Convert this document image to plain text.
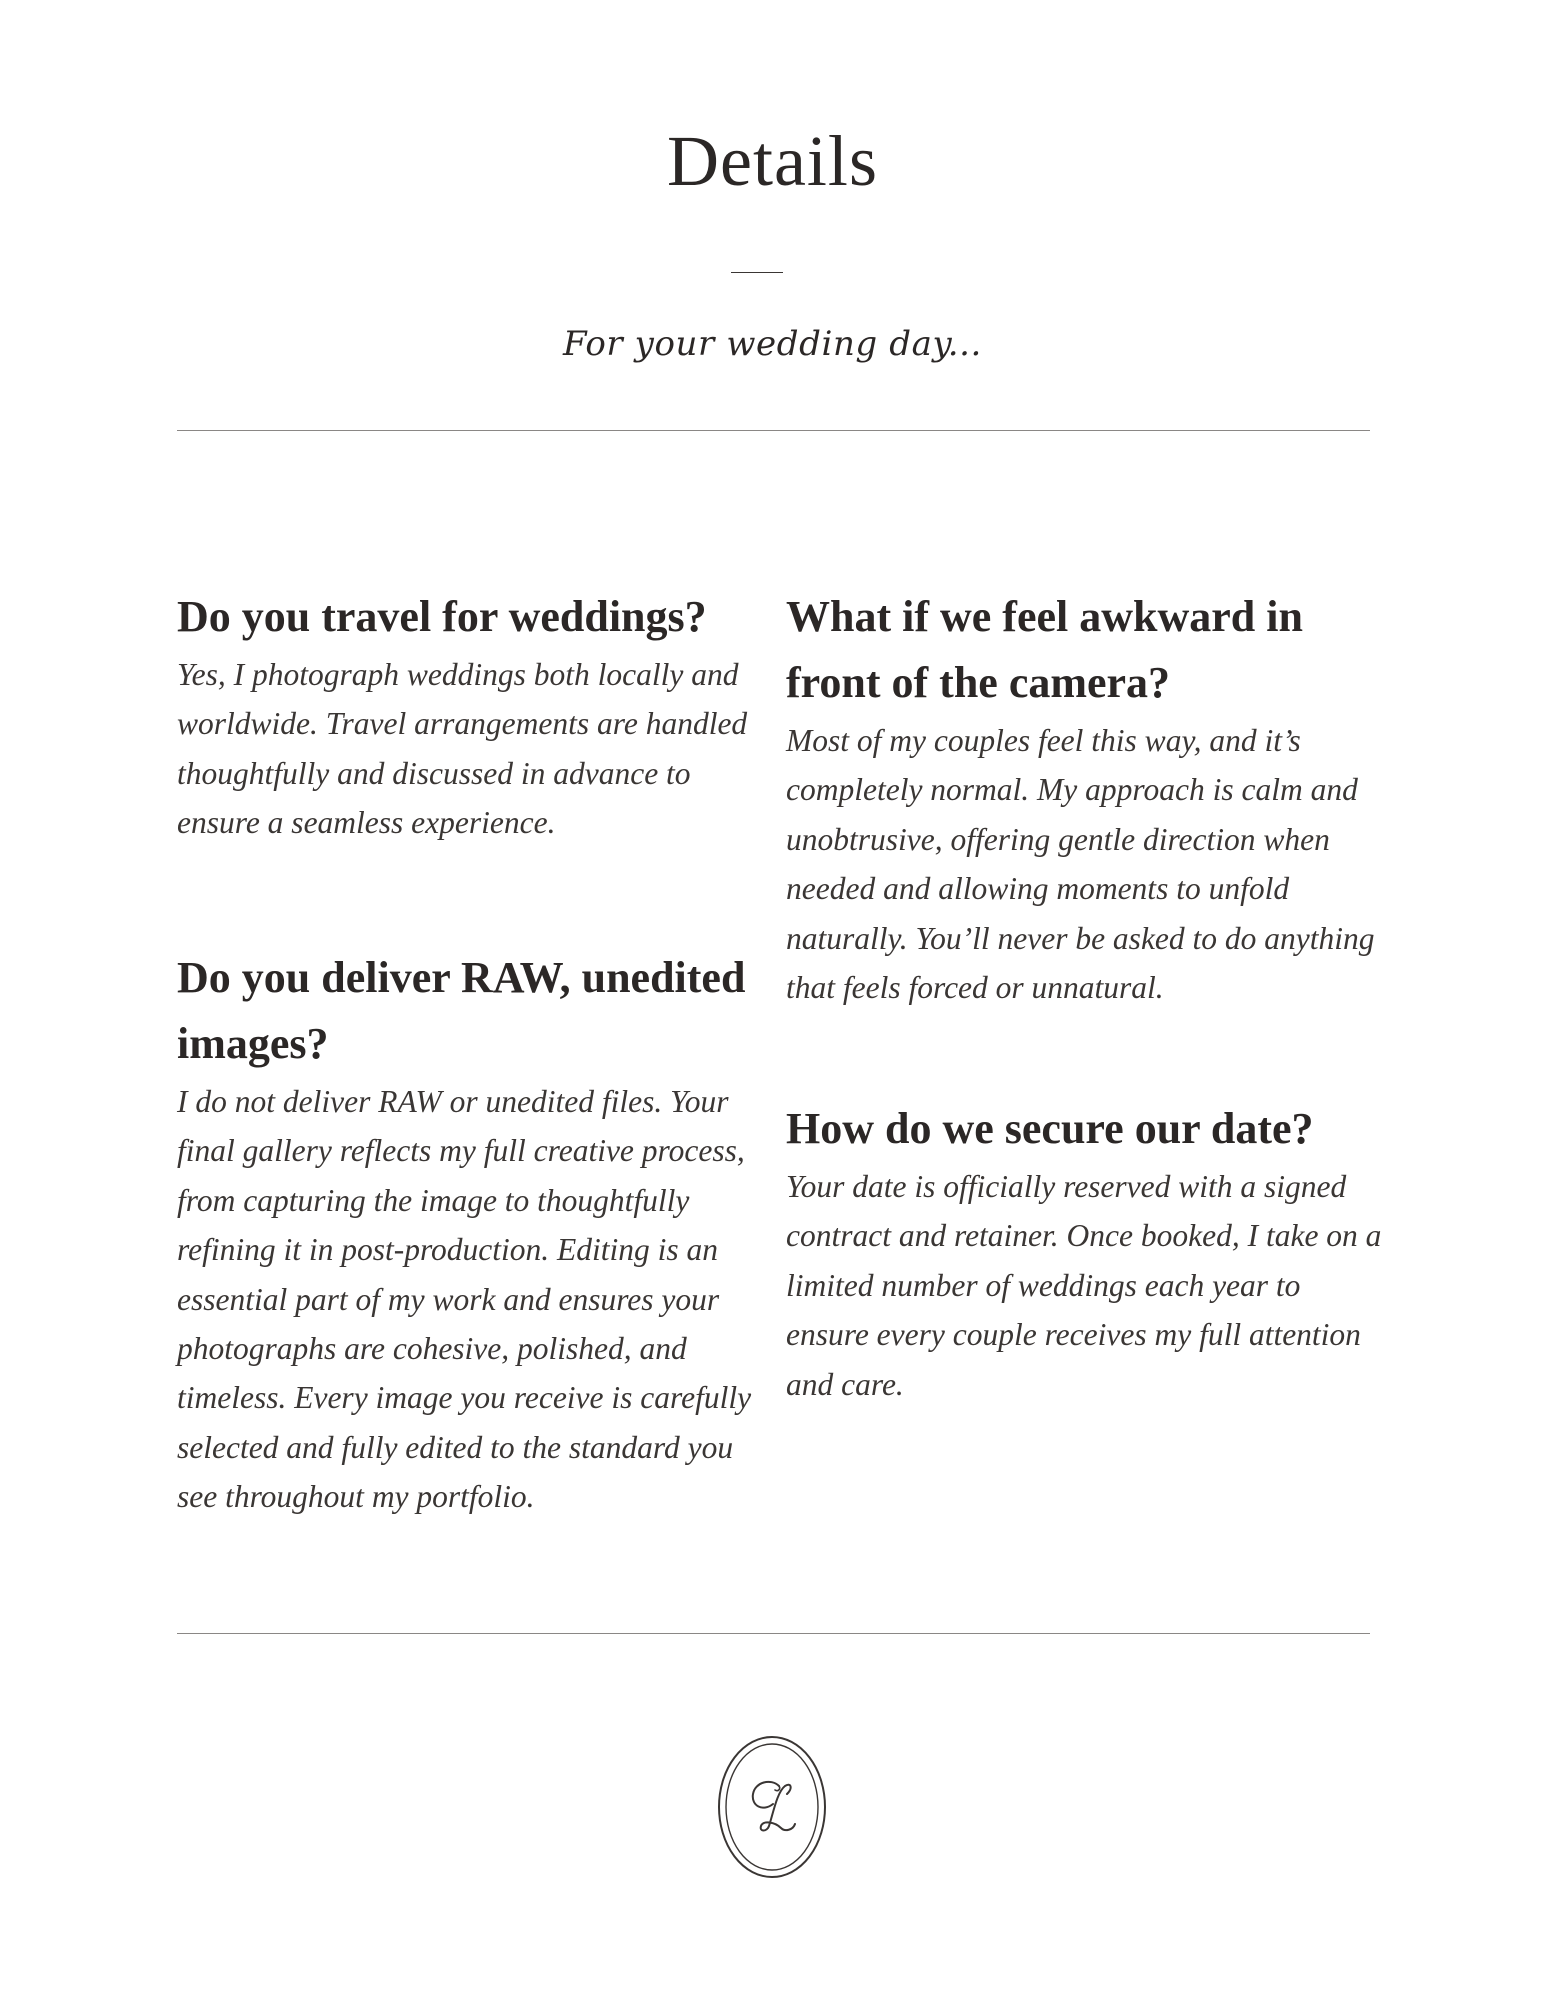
Details
For your wedding day...
Do you travel for weddings?

Yes, I photograph weddings both locally and worldwide. Travel arrangements are handled thoughtfully and discussed in advance to ensure a seamless experience.

Do you deliver RAW, unedited images?

I do not deliver RAW or unedited files. Your final gallery reflects my full creative process, from capturing the image to thoughtfully refining it in post-production. Editing is an essential part of my work and ensures your photographs are cohesive, polished, and timeless. Every image you receive is carefully selected and fully edited to the standard you see throughout my portfolio.

What if we feel awkward in front of the camera?

Most of my couples feel this way, and it’s completely normal. My approach is calm and unobtrusive, offering gentle direction when needed and allowing moments to unfold naturally. You’ll never be asked to do anything that feels forced or unnatural.

How do we secure our date?

Your date is officially reserved with a signed contract and retainer. Once booked, I take on a limited number of weddings each year to ensure every couple receives my full attention and care.
